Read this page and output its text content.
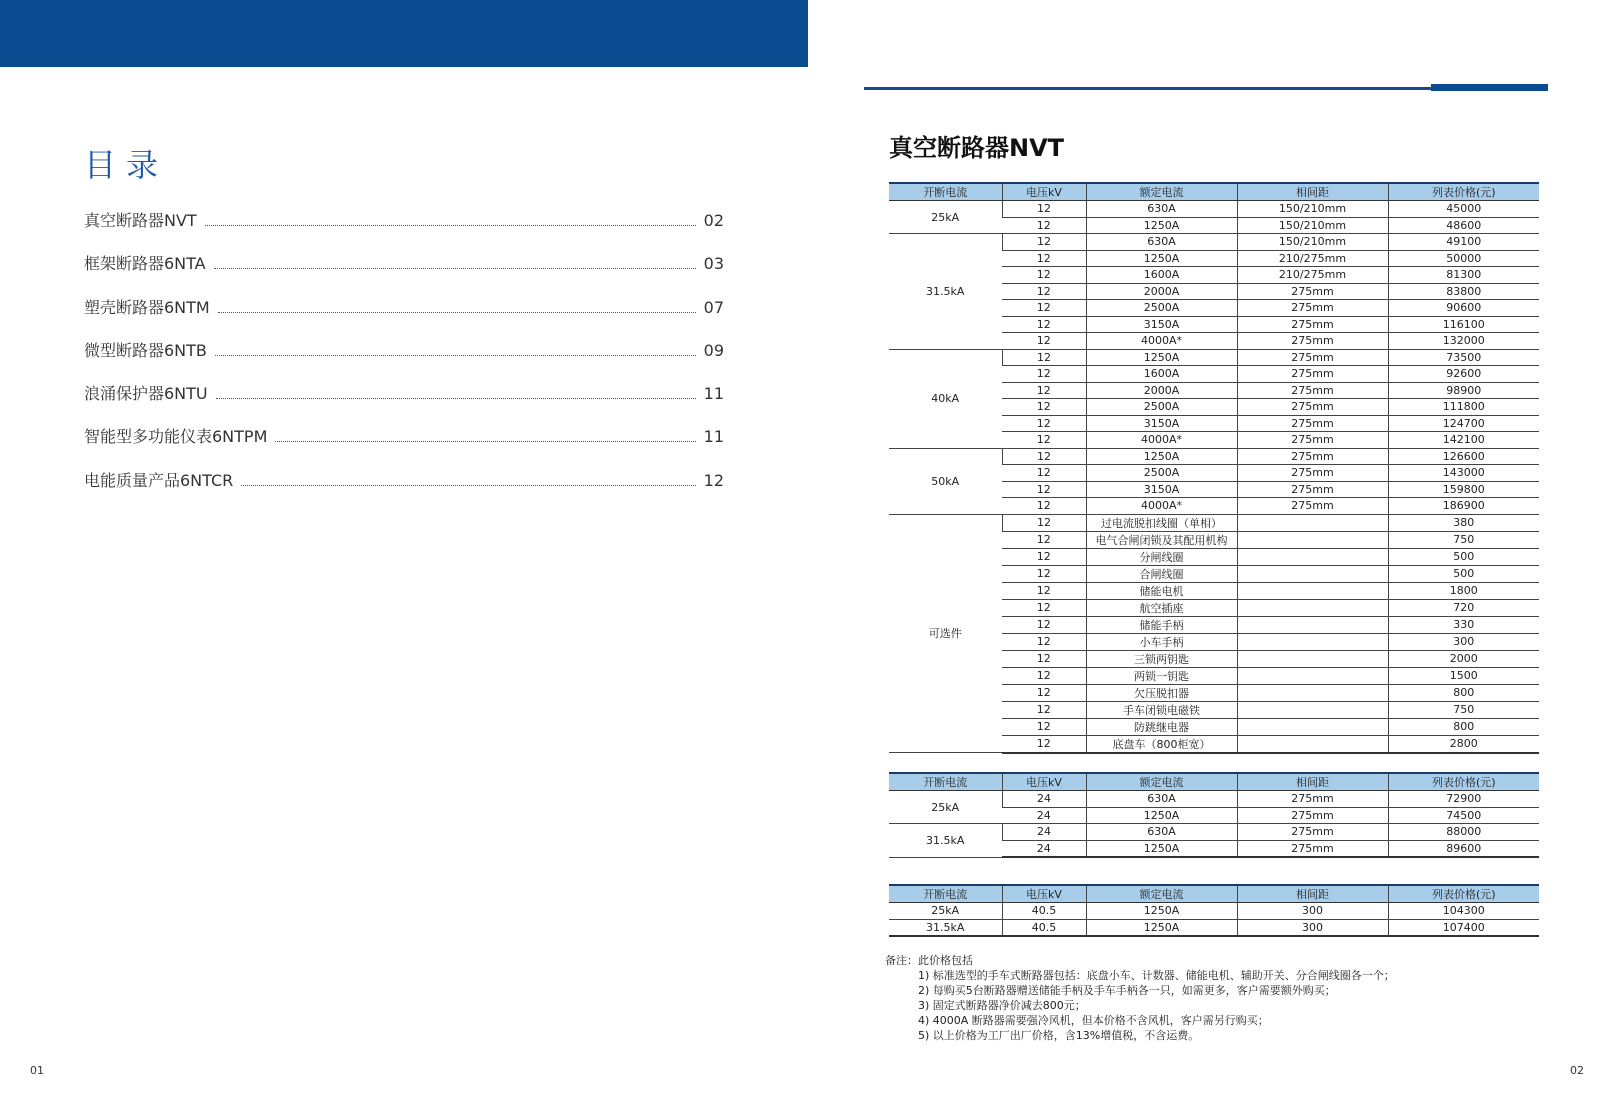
目录
真空断路器NVT	02
框架断路器6NTA	03
塑壳断路器6NTM	07
微型断路器6NTB	09
浪涌保护器6NTU	11
智能型多功能仪表6NTPM	11
电能质量产品6NTCR	12
真空断路器NVT
开断电流	电压kV	额定电流	相间距	列表价格(元)
25kA	12	630A	150/210mm	45000
	12	1250A	150/210mm	48600
31.5kA	12	630A	150/210mm	49100
	12	1250A	210/275mm	50000
	12	1600A	210/275mm	81300
	12	2000A	275mm	83800
	12	2500A	275mm	90600
	12	3150A	275mm	116100
	12	4000A*	275mm	132000
40kA	12	1250A	275mm	73500
	12	1600A	275mm	92600
	12	2000A	275mm	98900
	12	2500A	275mm	111800
	12	3150A	275mm	124700
	12	4000A*	275mm	142100
50kA	12	1250A	275mm	126600
	12	2500A	275mm	143000
	12	3150A	275mm	159800
	12	4000A*	275mm	186900
可选件	12	过电流脱扣线圈（单相）		380
	12	电气合闸闭锁及其配用机构		750
	12	分闸线圈		500
	12	合闸线圈		500
	12	储能电机		1800
	12	航空插座		720
	12	储能手柄		330
	12	小车手柄		300
	12	三锁两钥匙		2000
	12	两锁一钥匙		1500
	12	欠压脱扣器		800
	12	手车闭锁电磁铁		750
	12	防跳继电器		800
	12	底盘车（800柜宽）		2800
开断电流	电压kV	额定电流	相间距	列表价格(元)
25kA	24	630A	275mm	72900
	24	1250A	275mm	74500
31.5kA	24	630A	275mm	88000
	24	1250A	275mm	89600
开断电流	电压kV	额定电流	相间距	列表价格(元)
25kA	40.5	1250A	300	104300
31.5kA	40.5	1250A	300	107400
备注：此价格包括
1) 标准选型的手车式断路器包括：底盘小车、计数器、储能电机、辅助开关、分合闸线圈各一个；
2) 每购买5台断路器赠送储能手柄及手车手柄各一只，如需更多，客户需要额外购买；
3) 固定式断路器净价减去800元；
4) 4000A 断路器需要强冷风机，但本价格不含风机，客户需另行购买；
5) 以上价格为工厂出厂价格，含13%增值税，不含运费。
01	02
